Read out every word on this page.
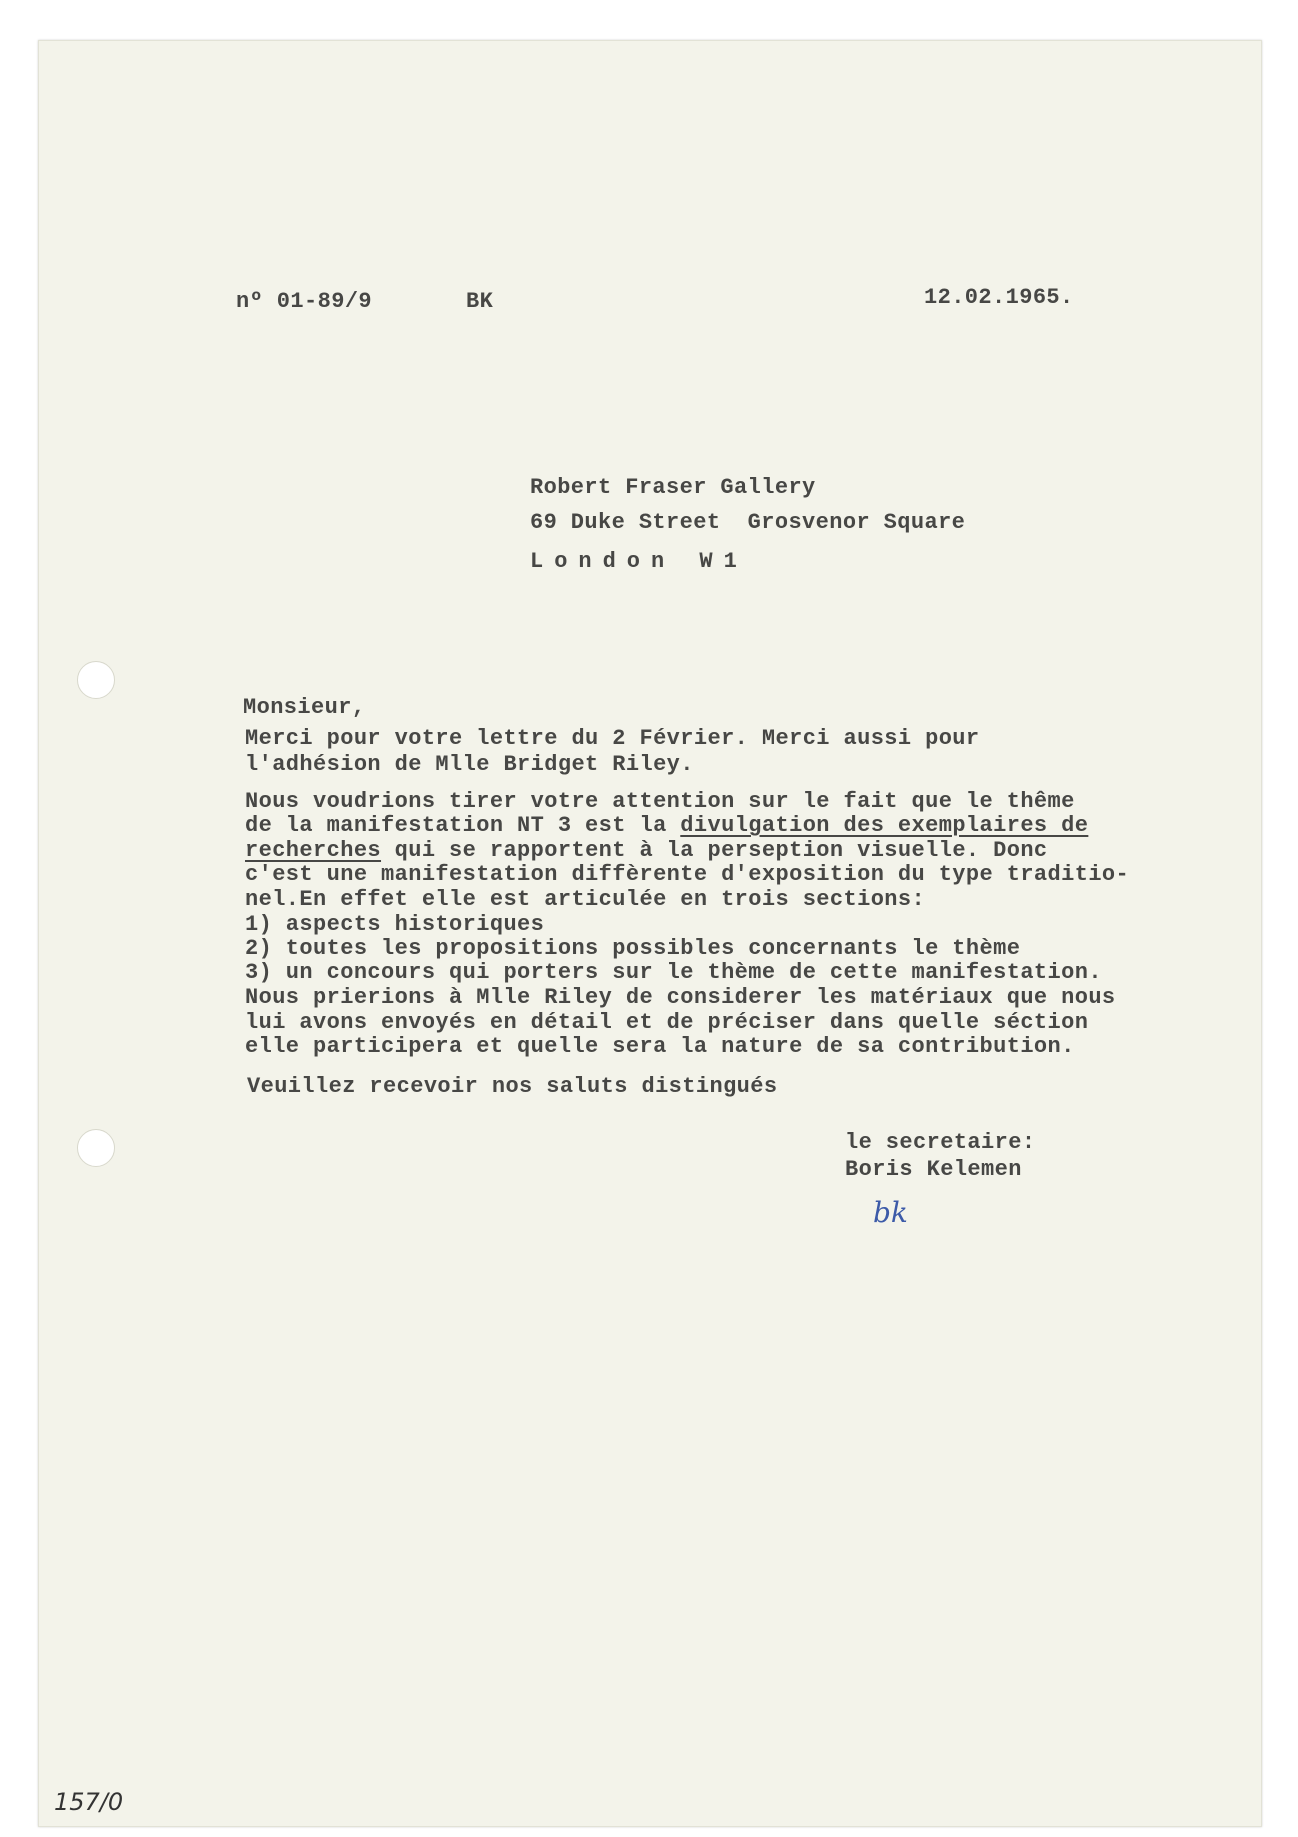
nº 01-89/9	BK	12.02.1965.
Robert Fraser Gallery
69 Duke Street  Grosvenor Square
London W1
Monsieur,
Merci pour votre lettre du 2 Février. Merci aussi pour
l'adhésion de Mlle Bridget Riley.
Nous voudrions tirer votre attention sur le fait que le thême
de la manifestation NT 3 est la divulgation des exemplaires de
recherches qui se rapportent à la perseption visuelle. Donc
c'est une manifestation diffèrente d'exposition du type traditio-
nel.En effet elle est articulée en trois sections:
1) aspects historiques
2) toutes les propositions possibles concernants le thème
3) un concours qui porters sur le thème de cette manifestation.
Nous prierions à Mlle Riley de considerer les matériaux que nous
lui avons envoyés en détail et de préciser dans quelle séction
elle participera et quelle sera la nature de sa contribution.
Veuillez recevoir nos saluts distingués
le secretaire:
Boris Kelemen
bk
157/0
